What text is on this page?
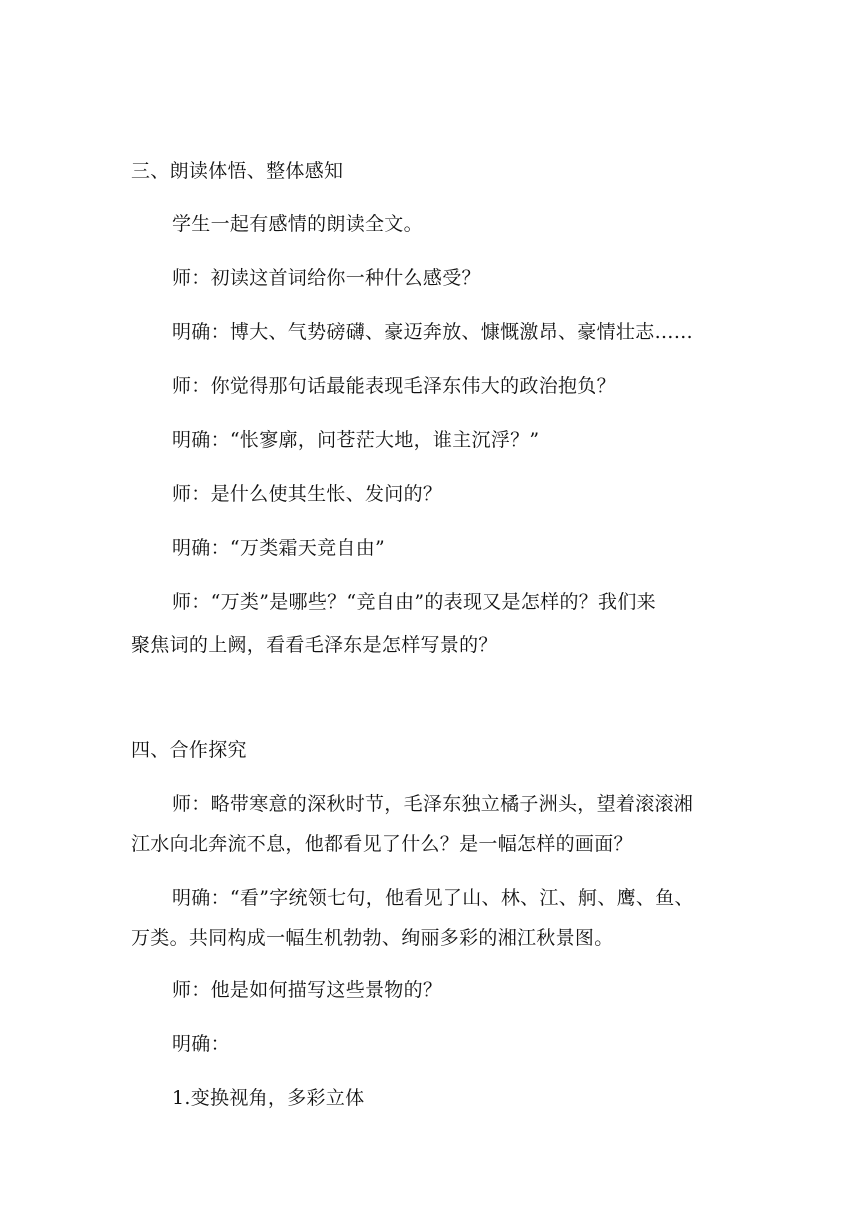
三、朗读体悟、整体感知
学生一起有感情的朗读全文。
师：初读这首词给你一种什么感受？
明确：博大、气势磅礴、豪迈奔放、慷慨激昂、豪情壮志……
师：你觉得那句话最能表现毛泽东伟大的政治抱负？
明确：“怅寥廓，问苍茫大地，谁主沉浮？”
师：是什么使其生怅、发问的？
明确：“万类霜天竞自由”
师：“万类”是哪些？“竞自由”的表现又是怎样的？我们来
聚焦词的上阙，看看毛泽东是怎样写景的？
四、合作探究
师：略带寒意的深秋时节，毛泽东独立橘子洲头，望着滚滚湘
江水向北奔流不息，他都看见了什么？是一幅怎样的画面？
明确：“看”字统领七句，他看见了山、林、江、舸、鹰、鱼、
万类。共同构成一幅生机勃勃、绚丽多彩的湘江秋景图。
师：他是如何描写这些景物的？
明确：
1.变换视角，多彩立体
